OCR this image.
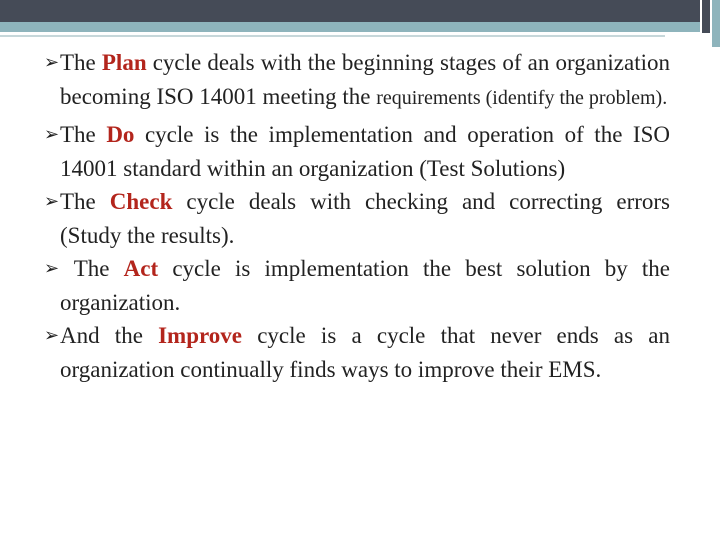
➢ The Plan cycle deals with the beginning stages of an organization becoming ISO 14001 meeting the requirements (identify the problem).
➢ The Do cycle is the implementation and operation of the ISO 14001 standard within an organization (Test Solutions)
➢ The Check cycle deals with checking and correcting errors (Study the results).
➢ The Act cycle is implementation the best solution by the organization.
➢ And the Improve cycle is a cycle that never ends as an organization continually finds ways to improve their EMS.
